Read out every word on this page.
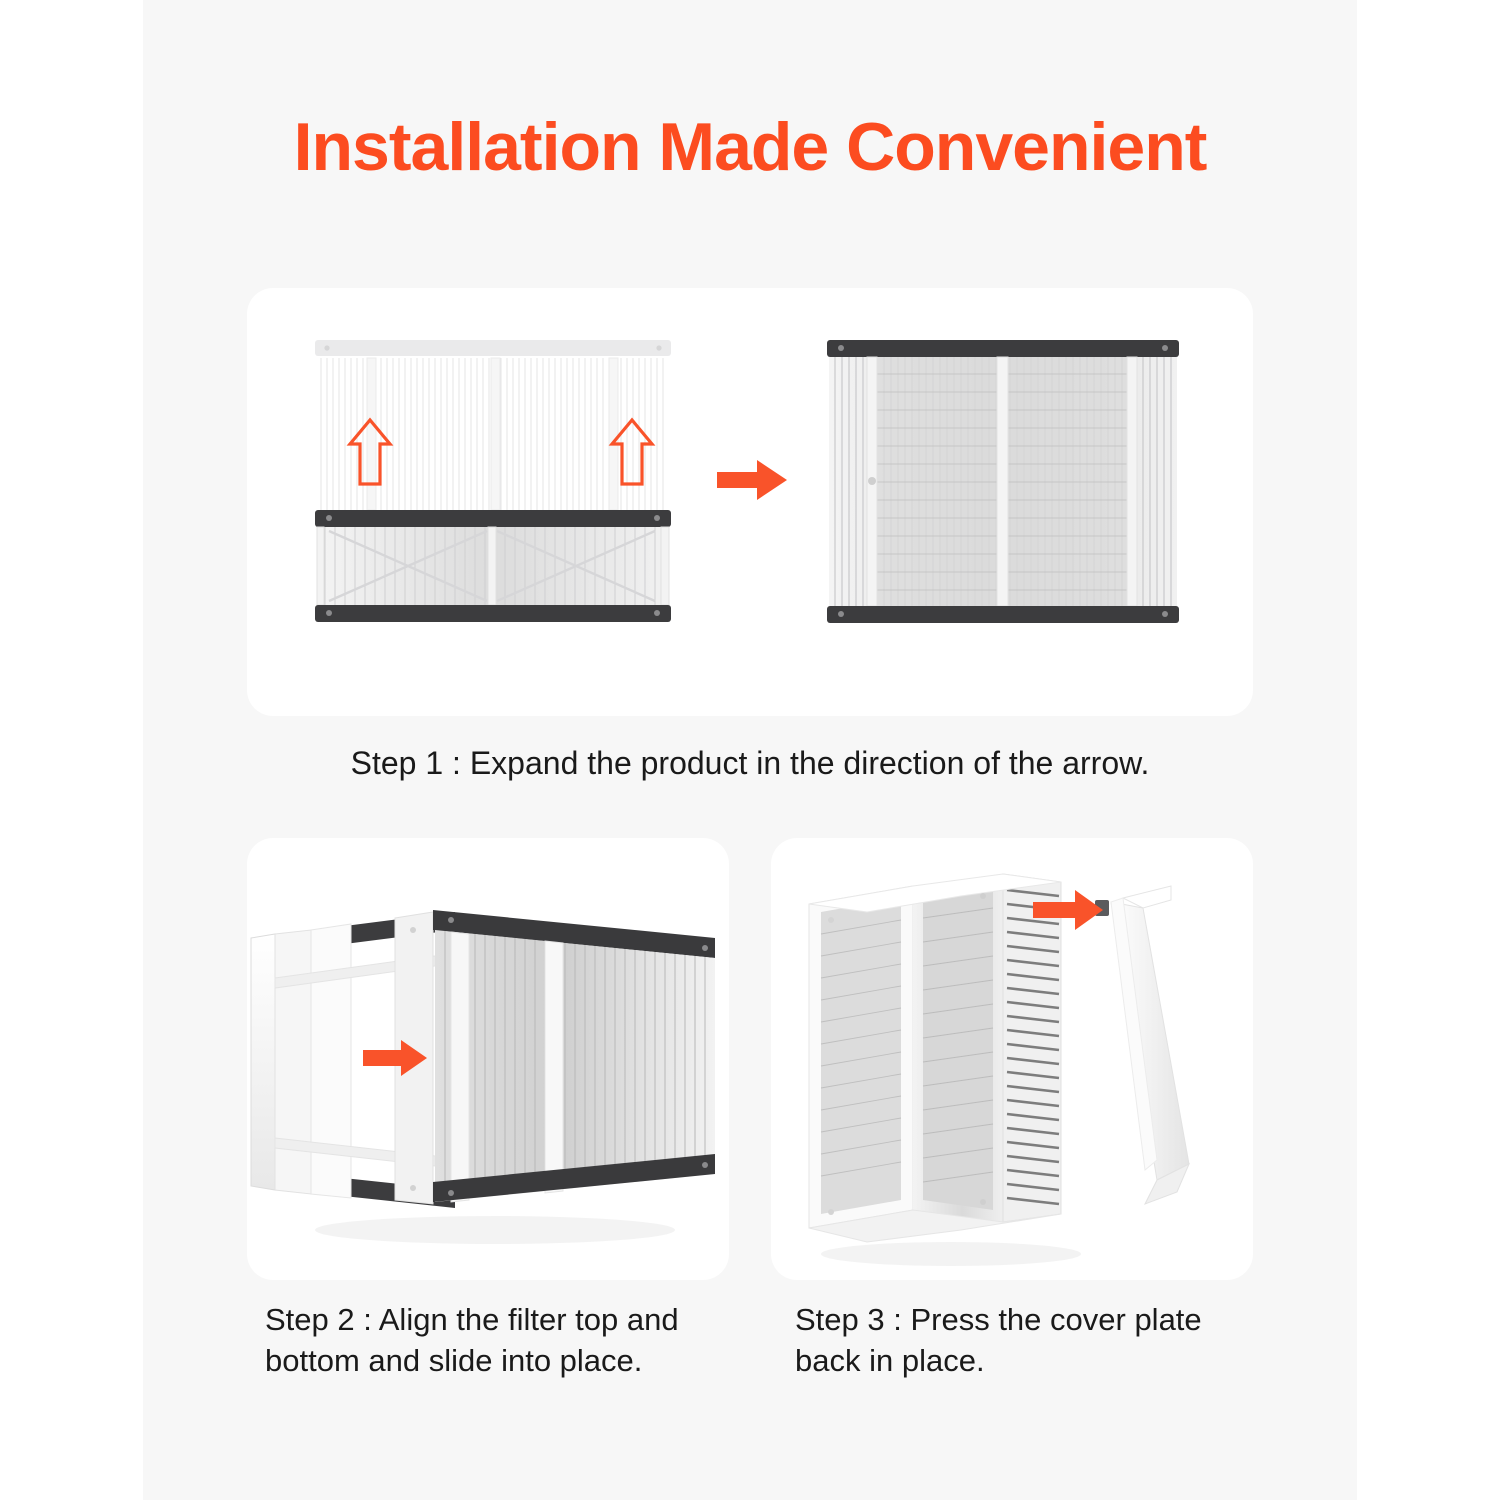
Installation Made Convenient
Step 1 : Expand the product in the direction of the arrow.
Step 2 : Align the filter top and bottom and slide into place.
Step 3 : Press the cover plate back in place.
